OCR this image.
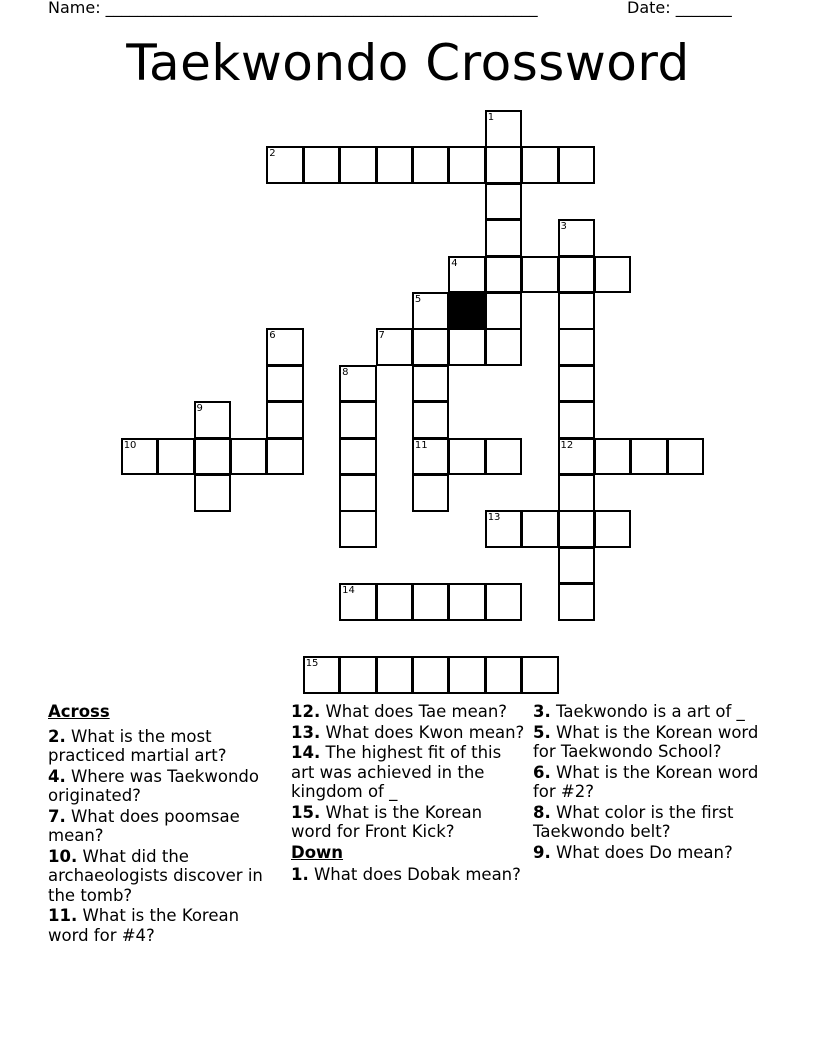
Name: ______________________________________________________	Date: _______
Taekwondo Crossword
1
2
3
4
5
6	7
8
9
10	11	12
13
14
15
Across
2. What is the most practiced martial art?
4. Where was Taekwondo originated?
7. What does poomsae mean?
10. What did the archaeologists discover in the tomb?
11. What is the Korean word for #4?
12. What does Tae mean?
13. What does Kwon mean?
14. The highest fit of this art was achieved in the kingdom of _
15. What is the Korean word for Front Kick?
Down
1. What does Dobak mean?
3. Taekwondo is a art of _
5. What is the Korean word for Taekwondo School?
6. What is the Korean word for #2?
8. What color is the first Taekwondo belt?
9. What does Do mean?
